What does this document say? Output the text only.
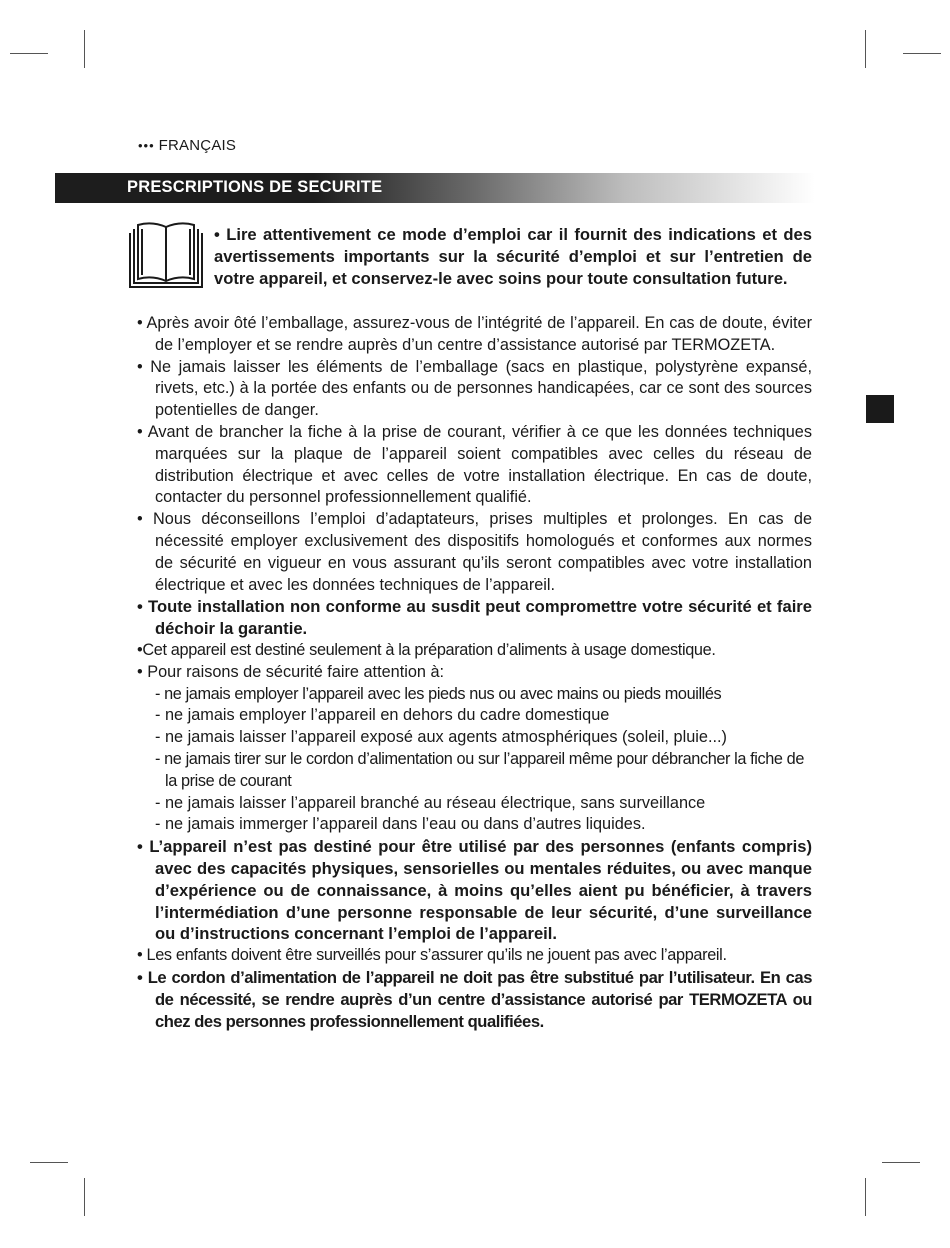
••• FRANÇAIS
PRESCRIPTIONS DE SECURITE
• Lire attentivement ce mode d’emploi car il fournit des indications et des avertissements importants sur la sécurité d’emploi et sur l’entretien de votre appareil, et conservez-le avec soins pour toute consultation future.

• Après avoir ôté l’emballage, assurez-vous de l’intégrité de l’appareil. En cas de doute, éviter de l’employer et se rendre auprès d’un centre d’assistance autorisé par TERMOZETA.

• Ne jamais laisser les éléments de l’emballage (sacs en plastique, polystyrène expansé, rivets, etc.) à la portée des enfants ou de personnes handicapées, car ce sont des sources potentielles de danger.

• Avant de brancher la fiche à la prise de courant, vérifier à ce que les données techniques marquées sur la plaque de l’appareil soient compatibles avec celles du réseau de distribution électrique et avec celles de votre installation électrique. En cas de doute, contacter du personnel professionnellement qualifié.

• Nous déconseillons l’emploi d’adaptateurs, prises multiples et prolonges. En cas de nécessité employer exclusivement des dispositifs homologués et conformes aux normes de sécurité en vigueur en vous assurant qu’ils seront compatibles avec votre installation électrique et avec les données techniques de l’appareil.

• Toute installation non conforme au susdit peut compromettre votre sécurité et faire déchoir la garantie.

•Cet appareil est destiné seulement à la préparation d’aliments à usage domestique.

• Pour raisons de sécurité faire attention à:

- ne jamais employer l’appareil avec les pieds nus ou avec mains ou pieds mouillés

- ne jamais employer l’appareil en dehors du cadre domestique

- ne jamais laisser l’appareil exposé aux agents atmosphériques (soleil, pluie...)

- ne jamais tirer sur le cordon d’alimentation ou sur l’appareil même pour débrancher la fiche de la prise de courant

- ne jamais laisser l’appareil branché au réseau électrique, sans surveillance

- ne jamais immerger l’appareil dans l’eau ou dans d’autres liquides.

• L’appareil n’est pas destiné pour être utilisé par des personnes (enfants compris) avec des capacités physiques, sensorielles ou mentales réduites, ou avec manque d’expérience ou de connaissance, à moins qu’elles aient pu bénéficier, à travers l’intermédiation d’une personne responsable de leur sécurité, d’une surveillance ou d’instructions concernant l’emploi de l’appareil.

• Les enfants doivent être surveillés pour s’assurer qu’ils ne jouent pas avec l’appareil.

• Le cordon d’alimentation de l’appareil ne doit pas être substitué par l’utilisateur. En cas de nécessité, se rendre auprès d’un centre d’assistance autorisé par TERMOZETA ou chez des personnes professionnellement qualifiées.
